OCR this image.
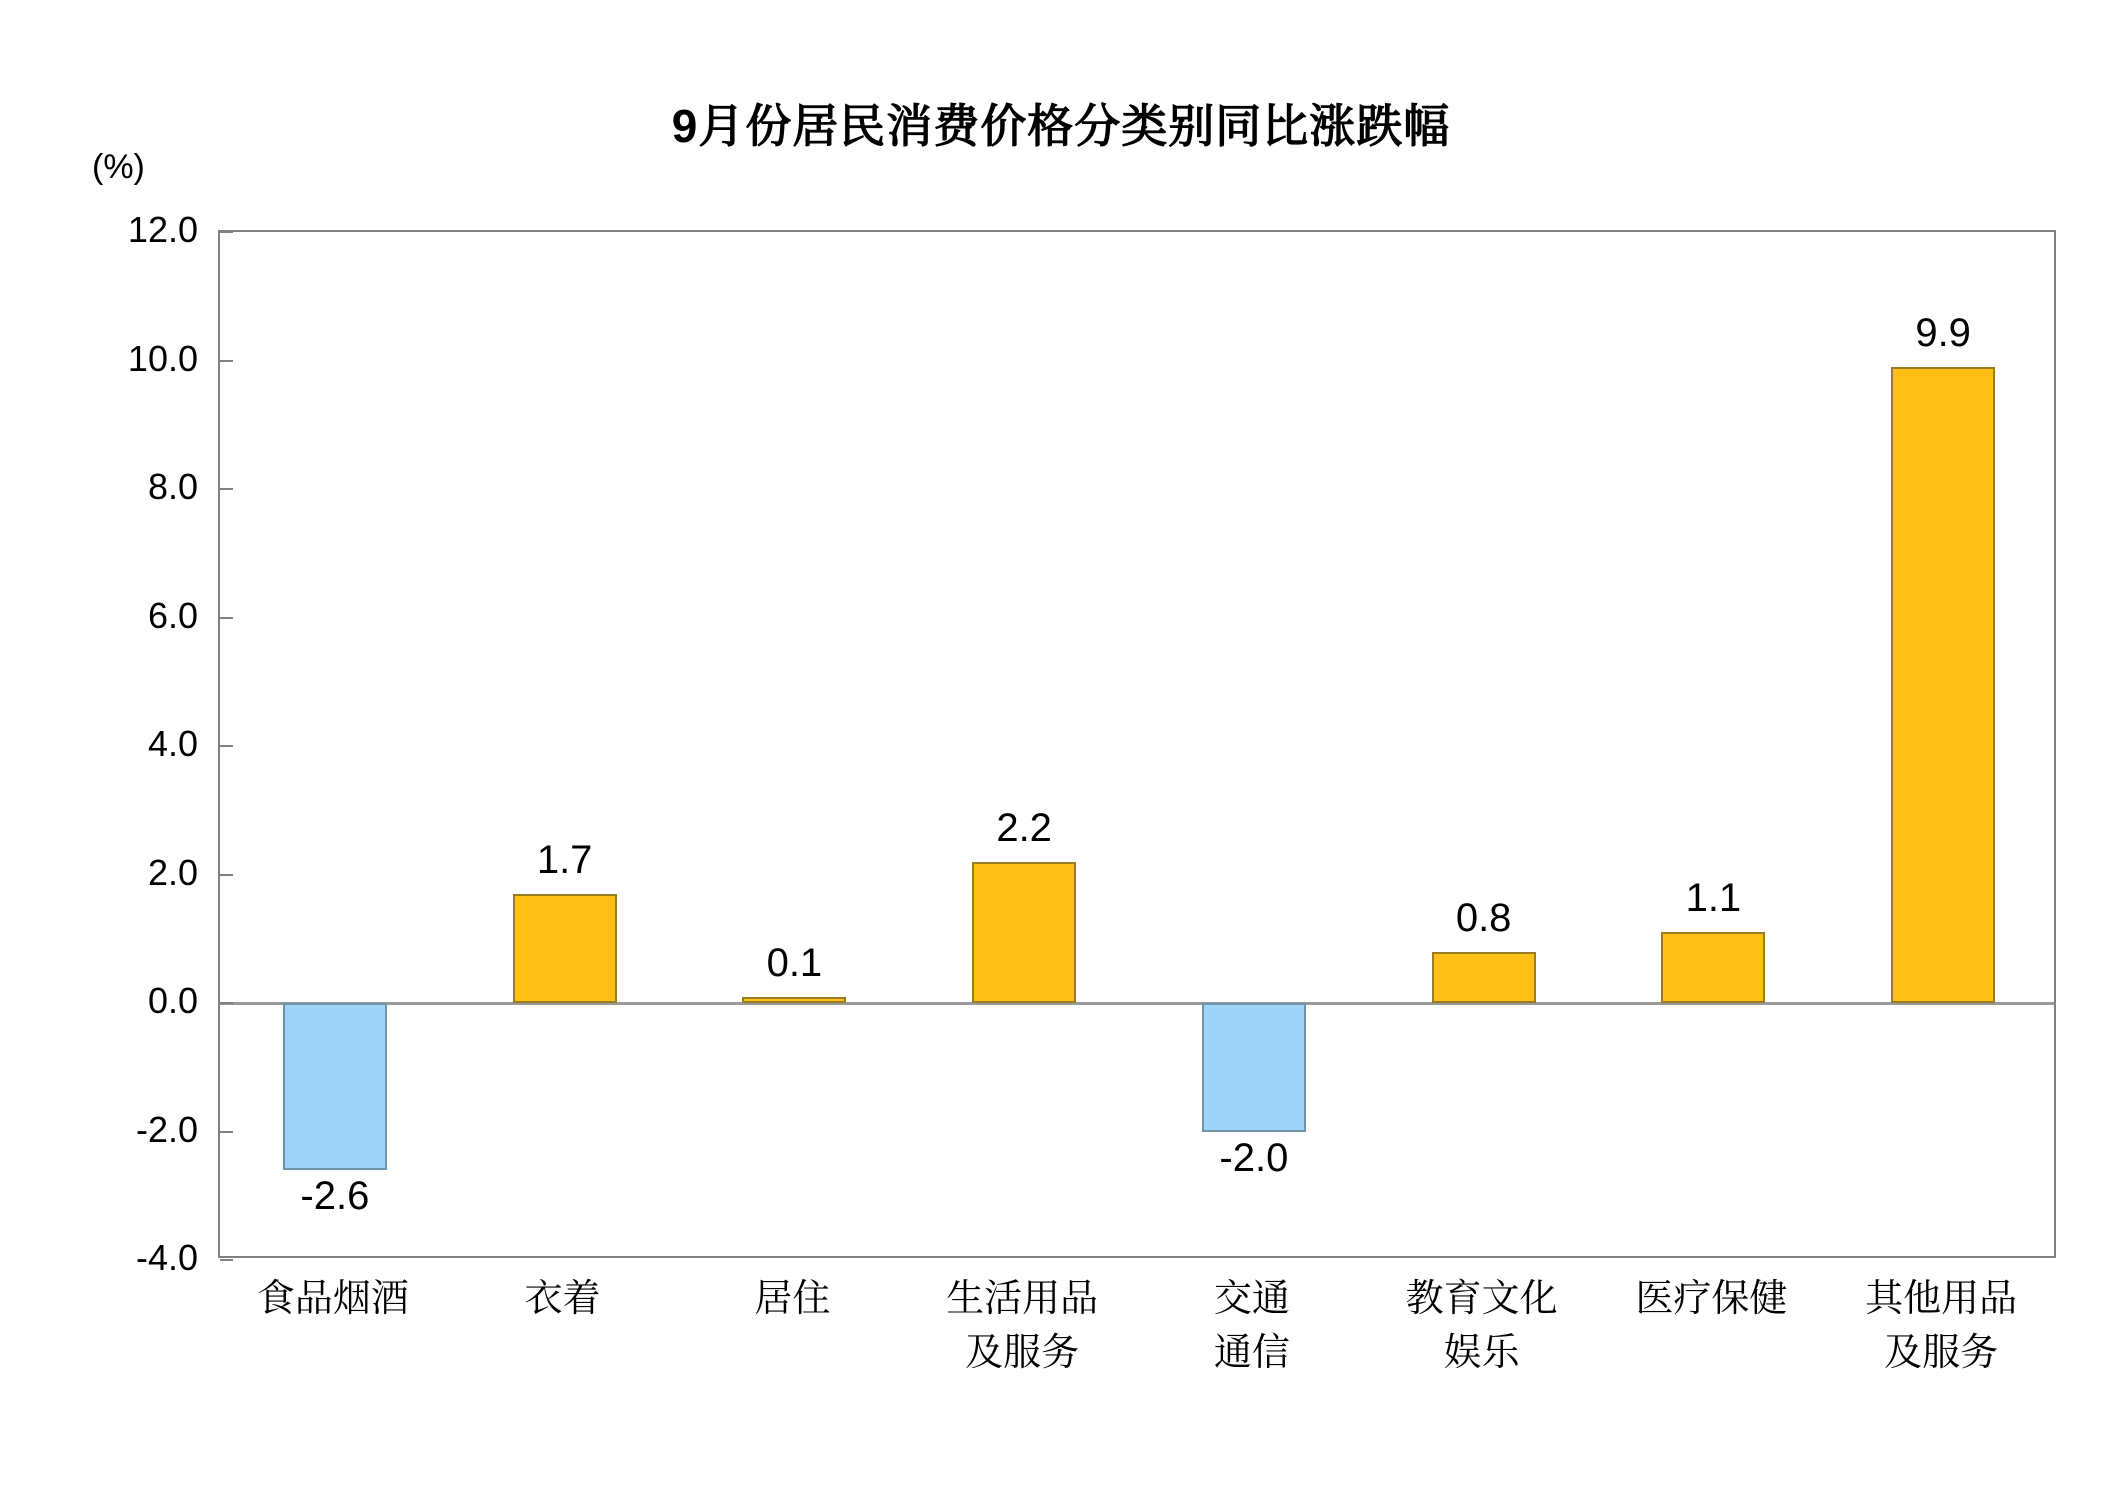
9月份居民消费价格分类别同比涨跌幅
(%)
12.0
10.0
8.0
6.0
4.0
2.0
0.0
-2.0
-4.0
-2.6
1.7
0.1
2.2
-2.0
0.8	1.1
9.9
食品烟酒	衣着	居住	生活用品
及服务
交通
通信
教育文化
娱乐
医疗保健 其他用品
及服务
